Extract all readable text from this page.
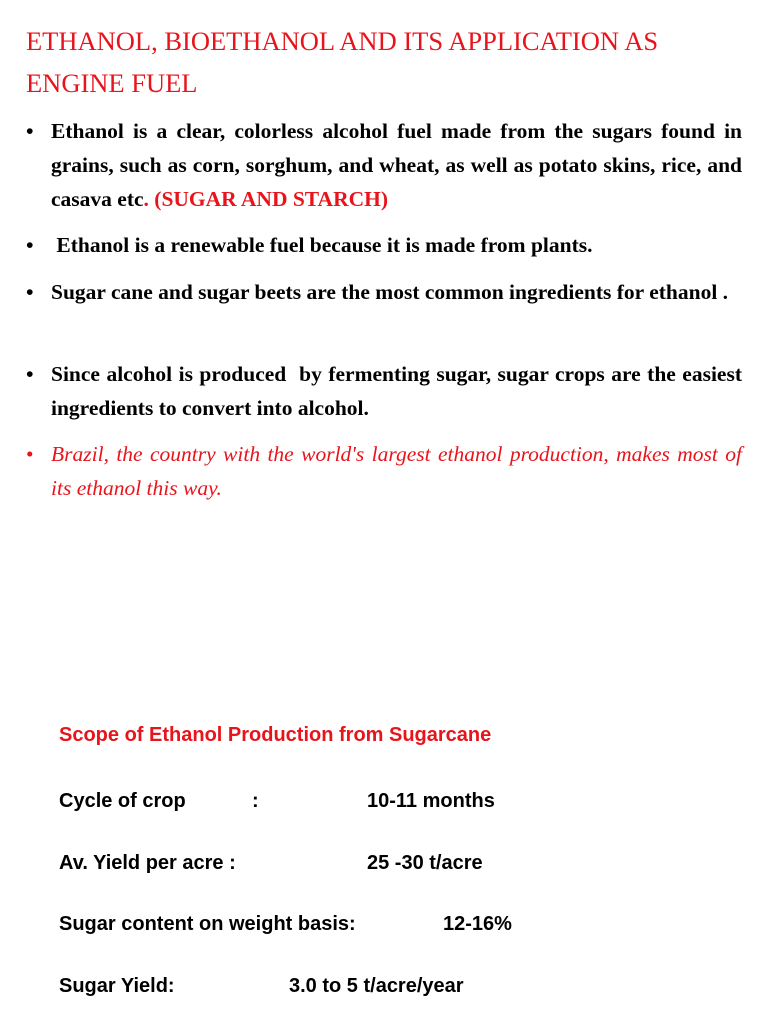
ETHANOL, BIOETHANOL AND ITS APPLICATION AS ENGINE FUEL
• Ethanol is a clear, colorless alcohol fuel made from the sugars found in grains, such as corn, sorghum, and wheat, as well as potato skins, rice, and casava etc. (SUGAR AND STARCH)
• Ethanol is a renewable fuel because it is made from plants.
• Sugar cane and sugar beets are the most common ingredients for ethanol .
• Since alcohol is produced  by fermenting sugar, sugar crops are the easiest ingredients to convert into alcohol.
• Brazil, the country with the world's largest ethanol production, makes most of its ethanol this way.
Scope of Ethanol Production from Sugarcane
Cycle of crop	:	10-11 months
Av. Yield per acre :	25 -30 t/acre
Sugar content on weight basis:	12-16%
Sugar Yield:	3.0 to 5 t/acre/year
